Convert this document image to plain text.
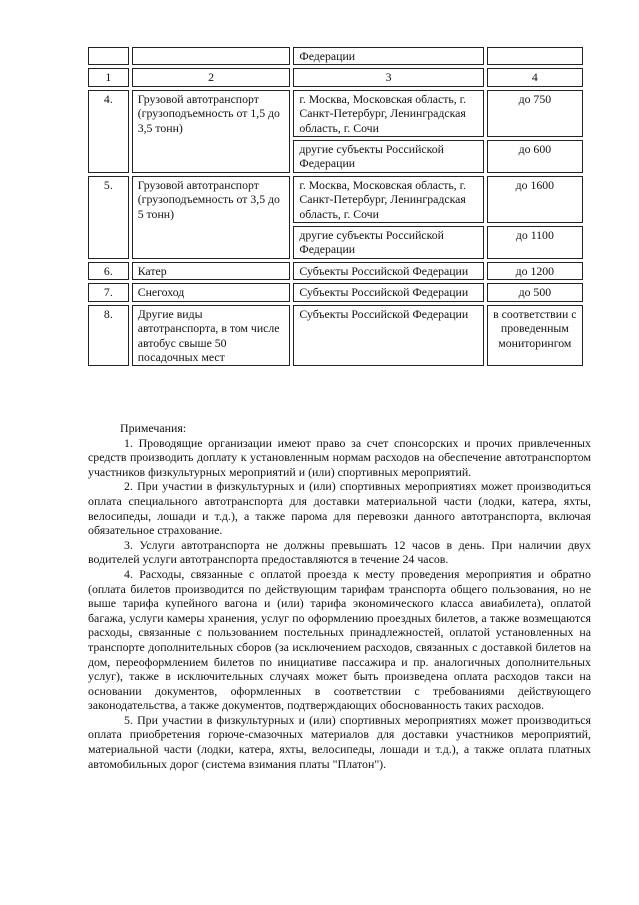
		Федерации	
1	2	3	4
4.	Грузовой автотранспорт (грузоподъемность от 1,5 до 3,5 тонн)	г. Москва, Московская область, г. Санкт-Петербург, Ленинградская область, г. Сочи	до 750
		другие субъекты Российской Федерации	до 600
5.	Грузовой автотранспорт (грузоподъемность от 3,5 до 5 тонн)	г. Москва, Московская область, г. Санкт-Петербург, Ленинградская область, г. Сочи	до 1600
		другие субъекты Российской Федерации	до 1100
6.	Катер	Субъекты Российской Федерации	до 1200
7.	Снегоход	Субъекты Российской Федерации	до 500
8.	Другие виды автотранспорта, в том числе автобус свыше 50 посадочных мест	Субъекты Российской Федерации	в соответствии с проведенным мониторингом

Примечания:

1. Проводящие организации имеют право за счет спонсорских и прочих привлеченных средств производить доплату к установленным нормам расходов на обеспечение автотранспортом участников физкультурных мероприятий и (или) спортивных мероприятий.

2. При участии в физкультурных и (или) спортивных мероприятиях может производиться оплата специального автотранспорта для доставки материальной части (лодки, катера, яхты, велосипеды, лошади и т.д.), а также парома для перевозки данного автотранспорта, включая обязательное страхование.

3. Услуги автотранспорта не должны превышать 12 часов в день. При наличии двух водителей услуги автотранспорта предоставляются в течение 24 часов.

4. Расходы, связанные с оплатой проезда к месту проведения мероприятия и обратно (оплата билетов производится по действующим тарифам транспорта общего пользования, но не выше тарифа купейного вагона и (или) тарифа экономического класса авиабилета), оплатой багажа, услуги камеры хранения, услуг по оформлению проездных билетов, а также возмещаются расходы, связанные с пользованием постельных принадлежностей, оплатой установленных на транспорте дополнительных сборов (за исключением расходов, связанных с доставкой билетов на дом, переоформлением билетов по инициативе пассажира и пр. аналогичных дополнительных услуг), также в исключительных случаях может быть произведена оплата расходов такси на основании документов, оформленных в соответствии с требованиями действующего законодательства, а также документов, подтверждающих обоснованность таких расходов.

5. При участии в физкультурных и (или) спортивных мероприятиях может производиться оплата приобретения горюче-смазочных материалов для доставки участников мероприятий, материальной части (лодки, катера, яхты, велосипеды, лошади и т.д.), а также оплата платных автомобильных дорог (система взимания платы "Платон").
